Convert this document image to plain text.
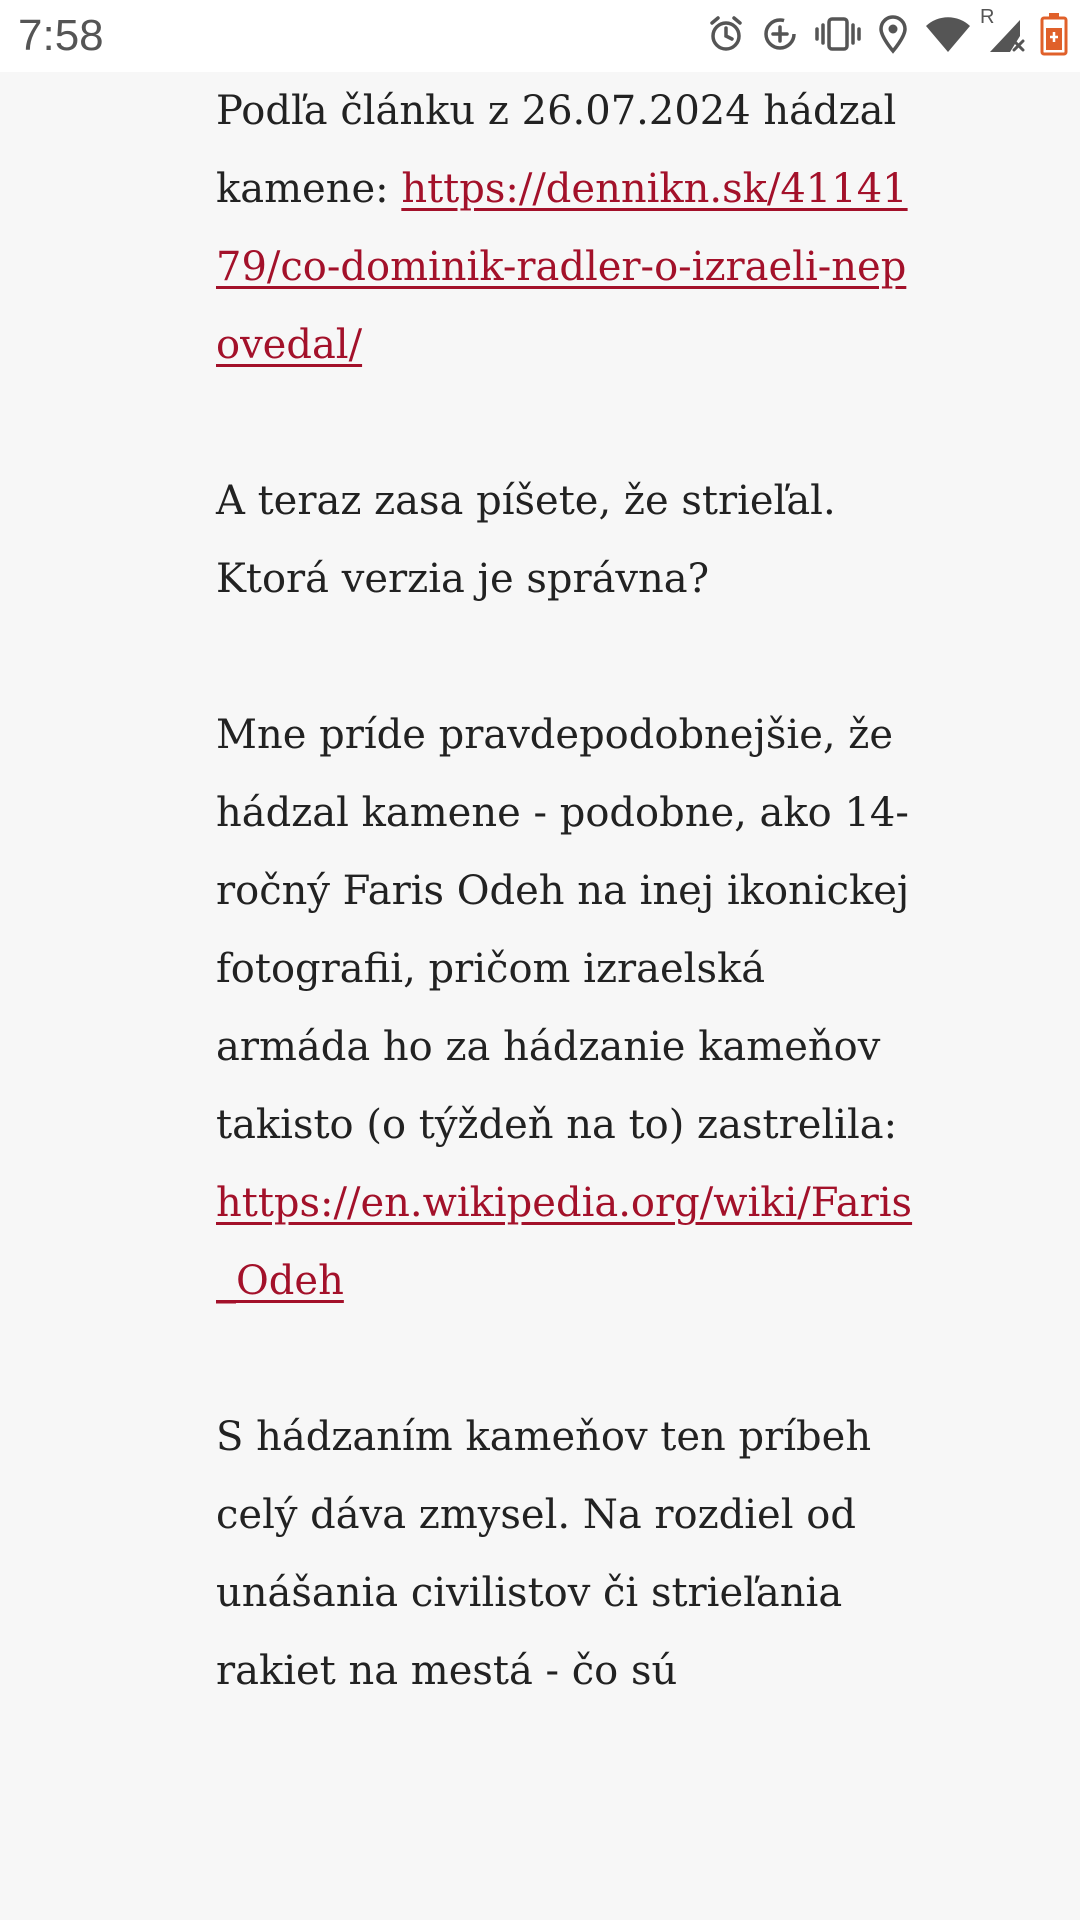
7:58	R
Podľa článku z 26.07.2024 hádzal kamene: https://dennikn.sk/4114179/co-dominik-radler-o-izraeli-nepovedal/
A teraz zasa píšete, že strieľal. Ktorá verzia je správna?
Mne príde pravdepodobnejšie, že hádzal kamene - podobne, ako 14-ročný Faris Odeh na inej ikonickej fotografii, pričom izraelská armáda ho za hádzanie kameňov takisto (o týždeň na to) zastrelila: https://en.wikipedia.org/wiki/Faris_Odeh
S hádzaním kameňov ten príbeh celý dáva zmysel. Na rozdiel od unášania civilistov či strieľania rakiet na mestá - čo sú
